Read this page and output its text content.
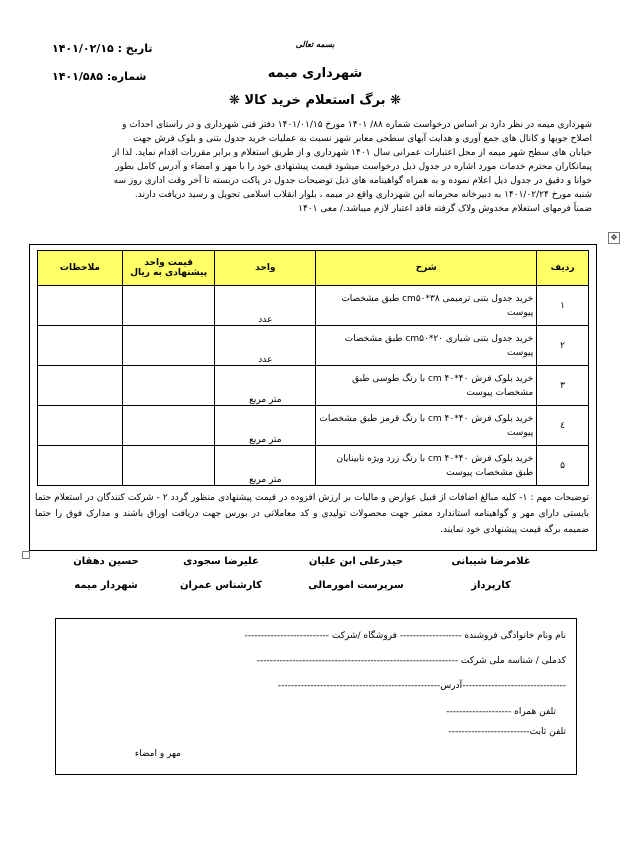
بسمه تعالی
تاریخ : ۱۴۰۱/۰۲/۱۵
شماره: ۱۴۰۱/۵۸۵	شهرداری میمه
❋ برگ استعلام خرید کالا ❋

شهرداری میمه در نظر دارد بر اساس درخواست شماره ۸۸/ ۱۴۰۱ مورخ ۱۴۰۱/۰۱/۱۵ دفتر فنی شهرداری و در راستای احداث و

اصلاح جوبها و کانال های جمع آوری و هدایت آبهای سطحی معابر شهر نسبت به عملیات خرید جدول بتنی و بلوک فرش جهت

خیابان های سطح شهر میمه از محل اعتبارات عمرانی سال ۱۴۰۱ شهرداری و از طریق استعلام و برابر مقررات اقدام نماید. لذا از

پیمانکاران محترم خدمات مورد اشاره در جدول ذیل درخواست میشود قیمت پیشنهادی خود را با مهر و امضاء و آدرس کامل بطور

خوانا و دقیق در جدول ذیل اعلام نموده و به همراه گواهینامه های ذیل توضیحات جدول در پاکت دربسته تا آخر وقت اداری روز سه

شنبه مورخ ۱۴۰۱/۰۲/۲۴ به دبیرخانه محرمانه این شهرداری واقع در میمه ، بلوار انقلاب اسلامی تحویل و رسید دریافت دارند.

ضمناً فرمهای استعلام مخدوش ولاک گرفته فاقد اعتبار لازم میباشد./ معی ۱۴۰۱

✥
ردیف	شرح	واحد	قیمت واحد پیشنهادی به ریال	ملاحظات
۱	خرید جدول بتنی ترمیمی cm۵۰*۳۸ طبق مشخصات پیوست	عدد		
۲	خرید جدول بتنی شیاری cm۵۰*۲۰ طبق مشخصات پیوست	عدد		
۳	خرید بلوک فرش cm ۴۰*۴۰ با رنگ طوسی طبق مشخصات پیوست	متر مربع		
٤	خرید بلوک فرش cm ۴۰*۴۰ با رنگ قرمز طبق مشخصات پیوست	متر مربع		
۵	خرید بلوک فرش cm ۴۰*۴۰ با رنگ زرد ویژه نابینایان طبق مشخصات پیوست	متر مربع		
توضیحات مهم : ۱- کلیه مبالغ اضافات از قبیل عوارض و مالیات بر ارزش افزوده در قیمت پیشنهادی منظور گردد ۲ - شرکت کنندگان در استعلام حتما بایستی دارای مهر و گواهینامه استاندارد معتبر جهت محصولات تولیدی و کد معاملاتی در بورس جهت دریافت اوراق باشند و مدارک فوق را حتما ضمیمه برگه قیمت پیشنهادی خود نمایند.
غلامرضا شیبانی
کارپرداز
حیدرعلی ابن علیان
سرپرست امورمالی
علیرضا سجودی
کارشناس عمران
حسین دهقان
شهردار میمه
نام ونام خانوادگی فروشنده ------------------- فروشگاه /شرکت --------------------------
کدملی / شناسه ملی شرکت --------------------------------------------------------------
--------------------------------آدرس--------------------------------------------------
تلفن همراه --------------------
تلفن ثابت-------------------------
مهر و امضاء
